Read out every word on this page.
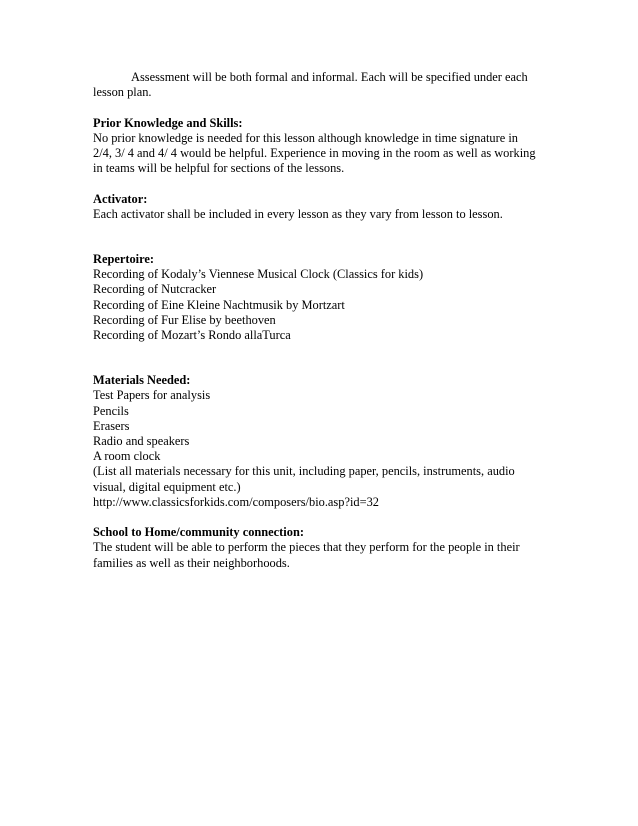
Assessment will be both formal and informal. Each will be specified under each
lesson plan.
Prior Knowledge and Skills:
No prior knowledge is needed for this lesson although knowledge in time signature in
2/4, 3/ 4 and 4/ 4 would be helpful. Experience in moving in the room as well as working
in teams will be helpful for sections of the lessons.
Activator:
Each activator shall be included in every lesson as they vary from lesson to lesson.
Repertoire:
Recording of Kodaly’s Viennese Musical Clock (Classics for kids)
Recording of Nutcracker
Recording of Eine Kleine Nachtmusik by Mortzart
Recording of Fur Elise by beethoven
Recording of Mozart’s Rondo allaTurca
Materials Needed:
Test Papers for analysis
Pencils
Erasers
Radio and speakers
A room clock
(List all materials necessary for this unit, including paper, pencils, instruments, audio
visual, digital equipment etc.)
http://www.classicsforkids.com/composers/bio.asp?id=32
School to Home/community connection:
The student will be able to perform the pieces that they perform for the people in their
families as well as their neighborhoods.
